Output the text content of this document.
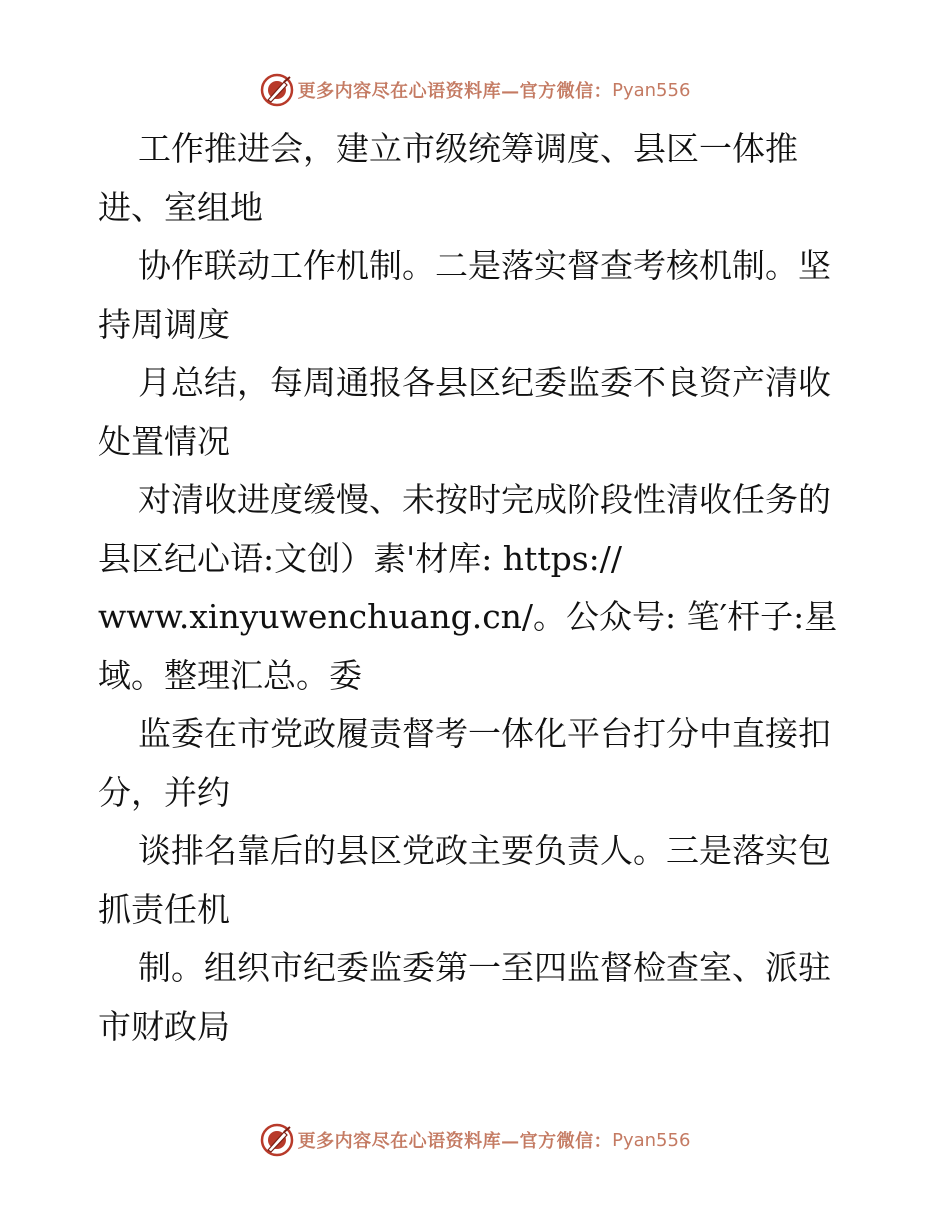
更多内容尽在心语资料库—官方微信： Pyan556
工作推进会，建立市级统筹调度、县区一体推
进、室组地
协作联动工作机制。二是落实督查考核机制。坚
持周调度
月总结，每周通报各县区纪委监委不良资产清收
处置情况
对清收进度缓慢、未按时完成阶段性清收任务的
县区纪心语:文创）素'材库: https://
www.xinyuwenchuang.cn/。公众号: 笔′杆子:星
域。整理汇总。委
监委在市党政履责督考一体化平台打分中直接扣
分，并约
谈排名靠后的县区党政主要负责人。三是落实包
抓责任机
制。组织市纪委监委第一至四监督检查室、派驻
市财政局
更多内容尽在心语资料库—官方微信： Pyan556
